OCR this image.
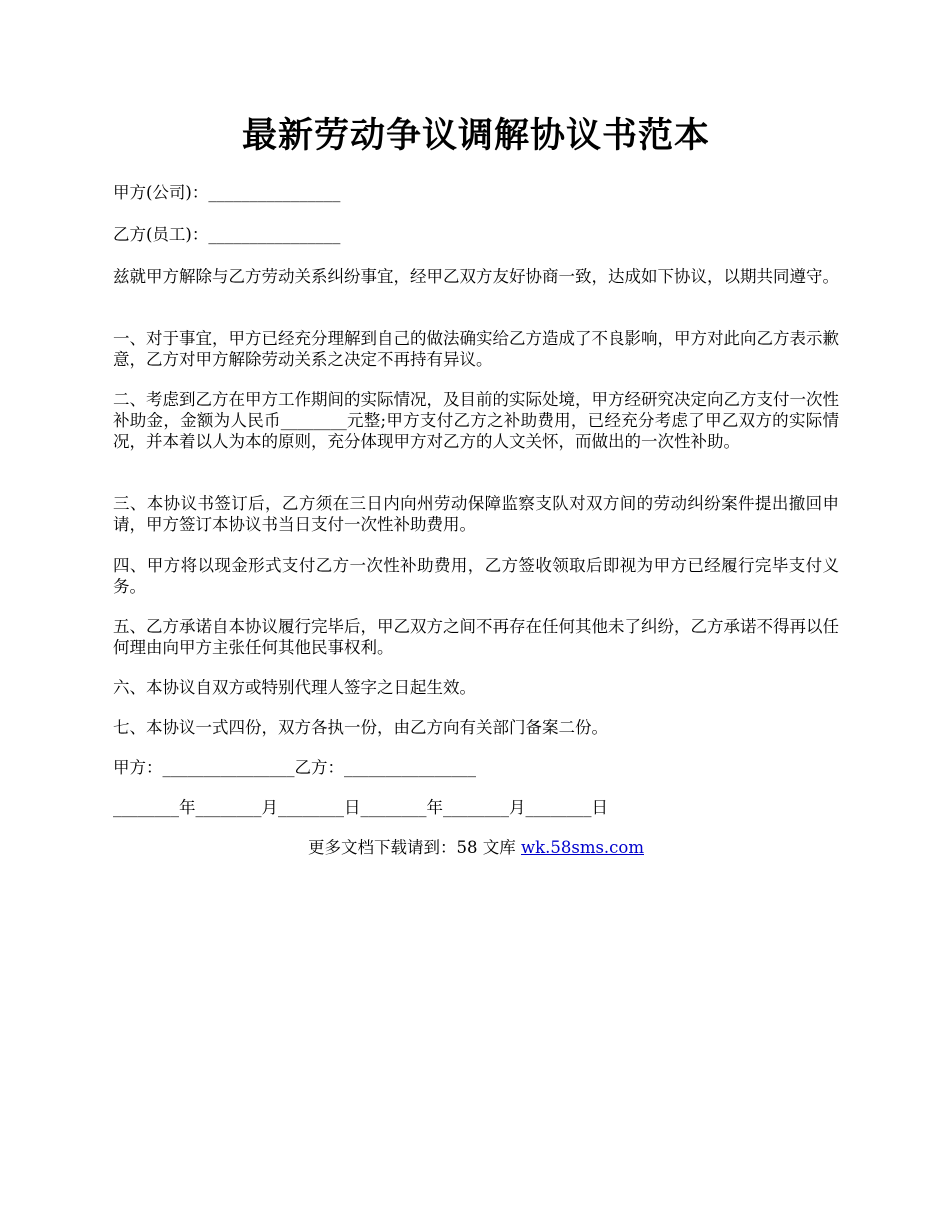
最新劳动争议调解协议书范本

甲方(公司)：________________

乙方(员工)：________________

兹就甲方解除与乙方劳动关系纠纷事宜，经甲乙双方友好协商一致，达成如下协议，以期共同遵守。

一、对于事宜，甲方已经充分理解到自己的做法确实给乙方造成了不良影响，甲方对此向乙方表示歉意，乙方对甲方解除劳动关系之决定不再持有异议。

二、考虑到乙方在甲方工作期间的实际情况，及目前的实际处境，甲方经研究决定向乙方支付一次性补助金，金额为人民币________元整;甲方支付乙方之补助费用，已经充分考虑了甲乙双方的实际情况，并本着以人为本的原则，充分体现甲方对乙方的人文关怀，而做出的一次性补助。

三、本协议书签订后，乙方须在三日内向州劳动保障监察支队对双方间的劳动纠纷案件提出撤回申请，甲方签订本协议书当日支付一次性补助费用。

四、甲方将以现金形式支付乙方一次性补助费用，乙方签收领取后即视为甲方已经履行完毕支付义务。

五、乙方承诺自本协议履行完毕后，甲乙双方之间不再存在任何其他未了纠纷，乙方承诺不得再以任何理由向甲方主张任何其他民事权利。

六、本协议自双方或特别代理人签字之日起生效。

七、本协议一式四份，双方各执一份，由乙方向有关部门备案二份。

甲方：________________乙方：________________

________年________月________日________年________月________日

更多文档下载请到：58 文库 wk.58sms.com
